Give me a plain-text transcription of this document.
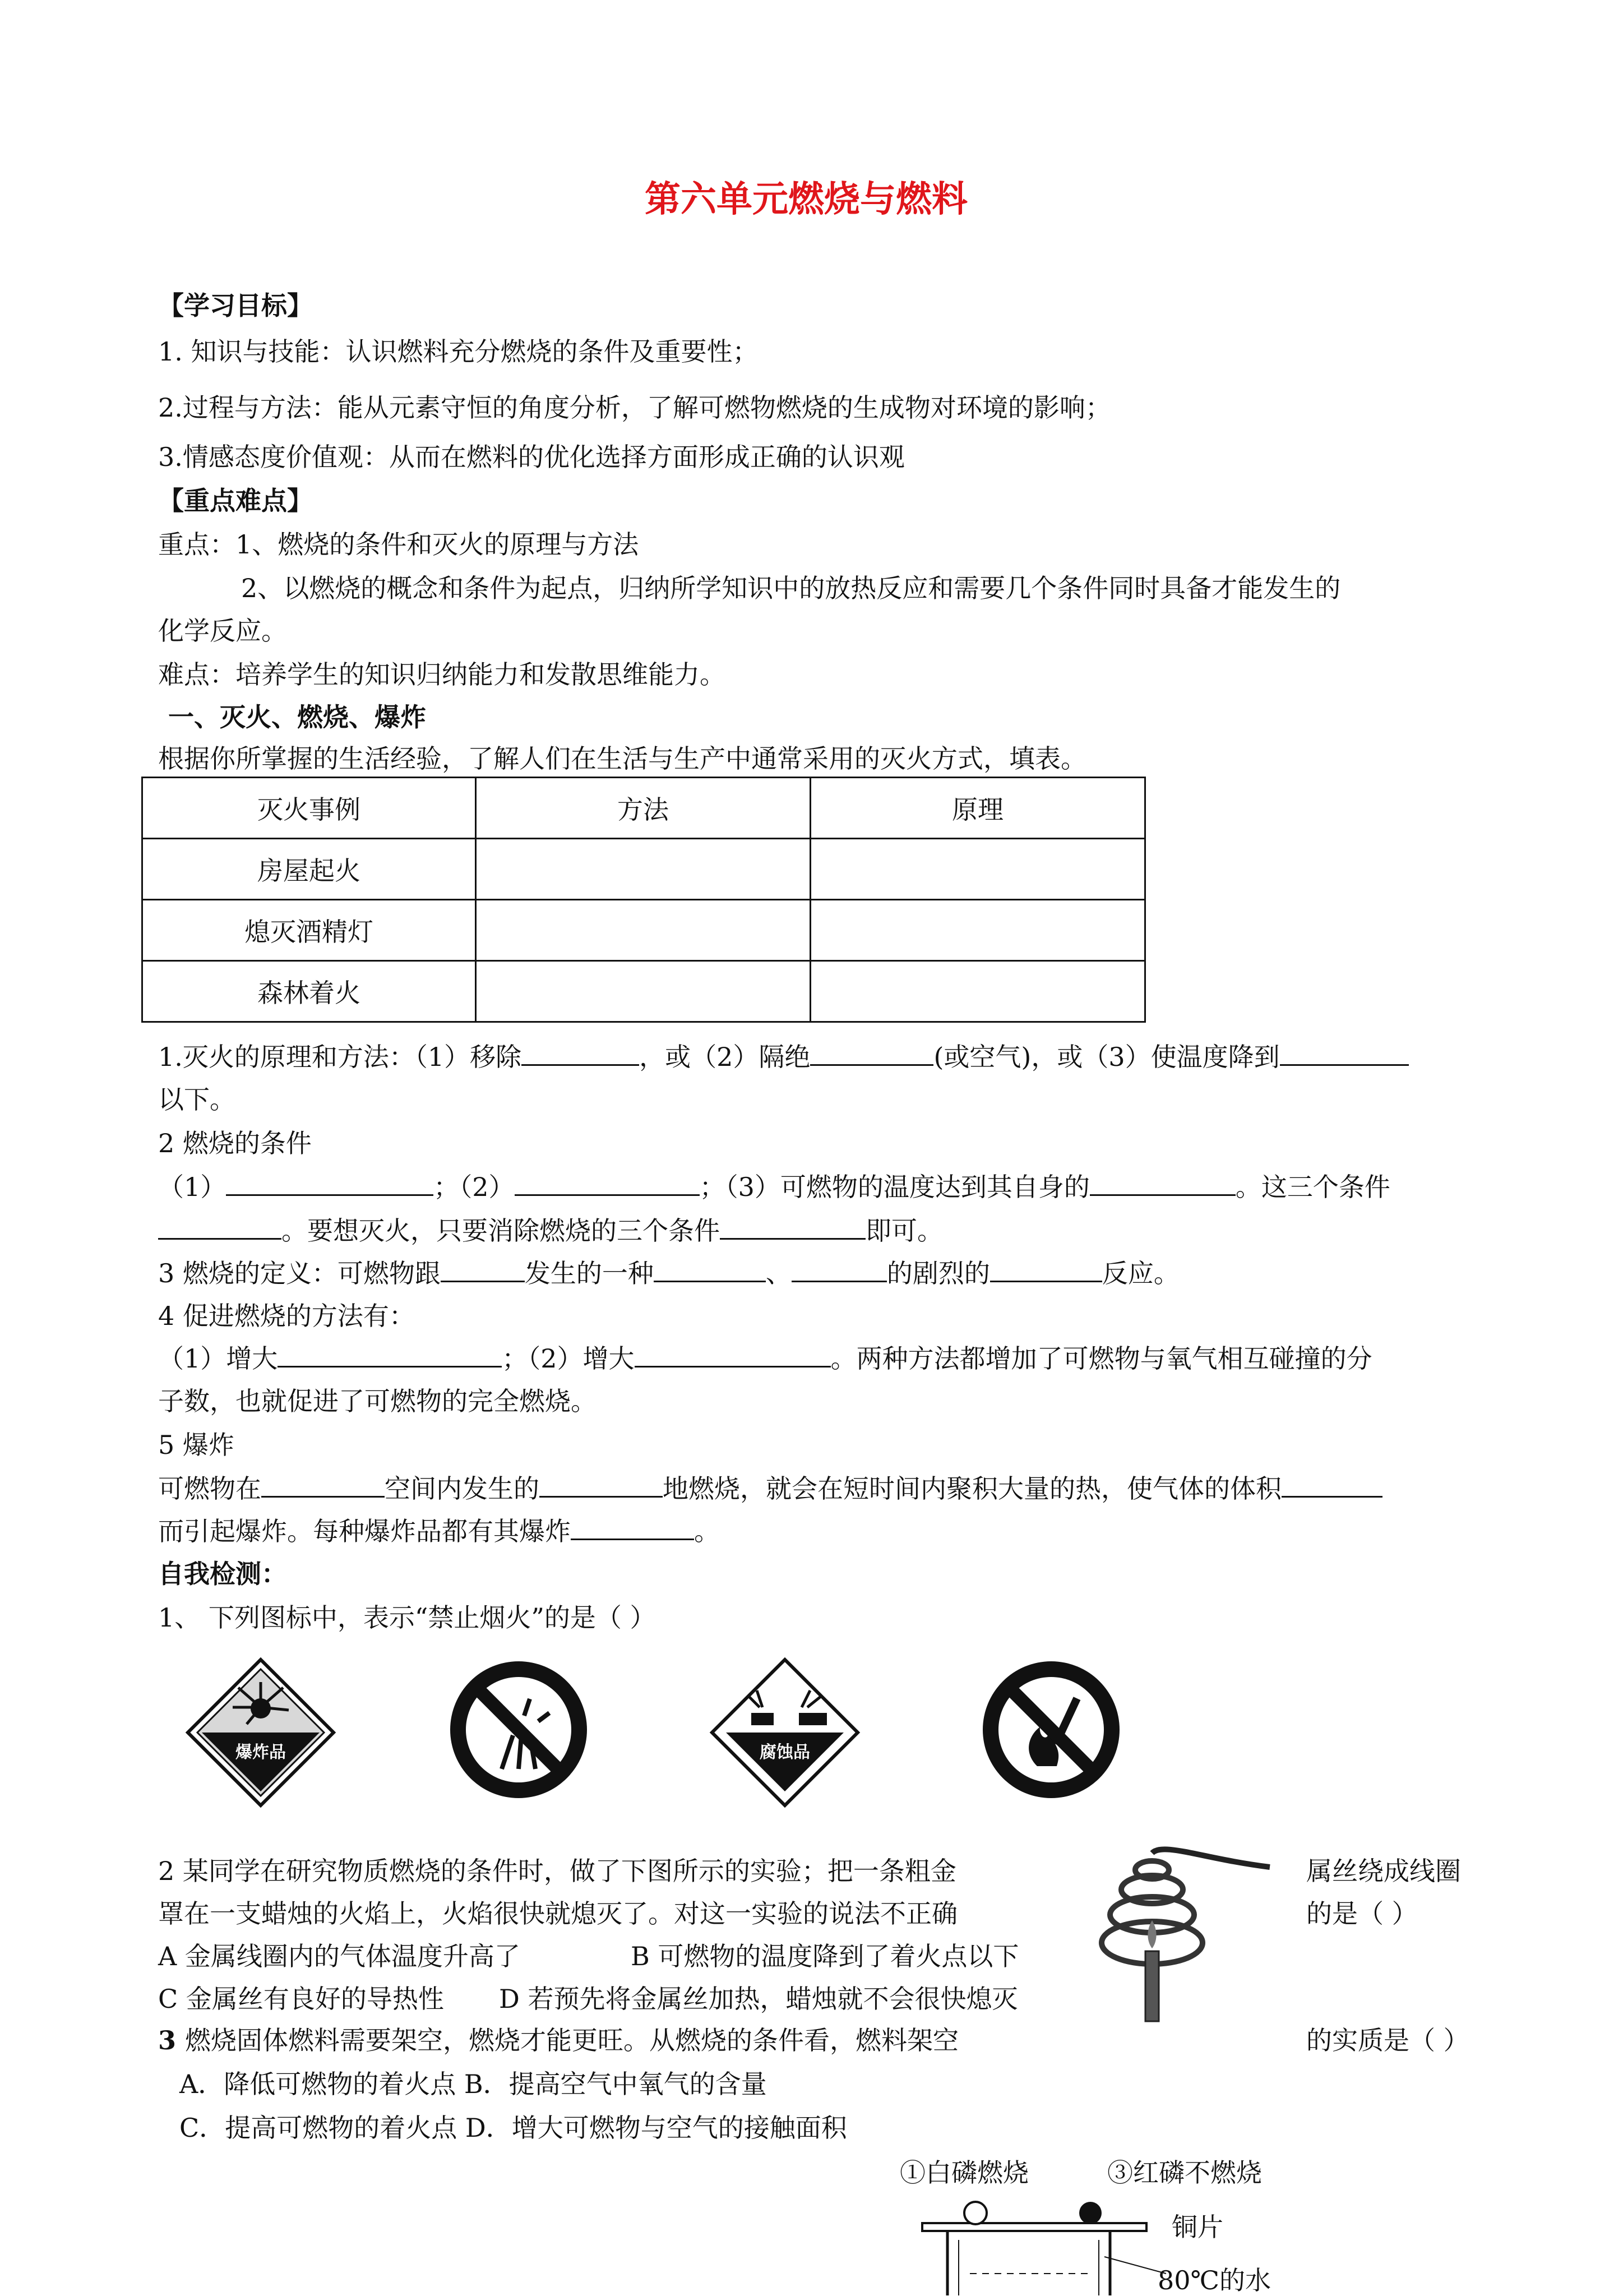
第六单元燃烧与燃料
【学习目标】
1. 知识与技能：认识燃料充分燃烧的条件及重要性；
2.过程与方法：能从元素守恒的角度分析，了解可燃物燃烧的生成物对环境的影响；
3.情感态度价值观：从而在燃料的优化选择方面形成正确的认识观
【重点难点】
重点：1、燃烧的条件和灭火的原理与方法
2、以燃烧的概念和条件为起点，归纳所学知识中的放热反应和需要几个条件同时具备才能发生的
化学反应。
难点：培养学生的知识归纳能力和发散思维能力。
一、灭火、燃烧、爆炸
根据你所掌握的生活经验，了解人们在生活与生产中通常采用的灭火方式，填表。
灭火事例	方法	原理
房屋起火		
熄灭酒精灯		
森林着火		
1.灭火的原理和方法：（1）移除	，或（2）隔绝	(或空气)，或（3）使温度降到
以下。
2 燃烧的条件
（1）	；（2）	；（3）可燃物的温度达到其自身的	。这三个条件
。要想灭火，只要消除燃烧的三个条件	即可。
3 燃烧的定义：可燃物跟	发生的一种	、	的剧烈的	反应。
4 促进燃烧的方法有：
（1）增大	；（2）增大	。两种方法都增加了可燃物与氧气相互碰撞的分
子数，也就促进了可燃物的完全燃烧。
5 爆炸
可燃物在	空间内发生的	地燃烧，就会在短时间内聚积大量的热，使气体的体积
而引起爆炸。每种爆炸品都有其爆炸	。
自我检测：
1、 下列图标中，表示“禁止烟火”的是（ ）
爆炸品	腐蚀品
2 某同学在研究物质燃烧的条件时，做了下图所示的实验；把一条粗金	属丝绕成线圈
罩在一支蜡烛的火焰上，火焰很快就熄灭了。对这一实验的说法不正确	的是（ ）
A 金属线圈内的气体温度升高了	B 可燃物的温度降到了着火点以下
C 金属丝有良好的导热性 D 若预先将金属丝加热，蜡烛就不会很快熄灭
3 燃烧固体燃料需要架空，燃烧才能更旺。从燃烧的条件看，燃料架空	的实质是（ ）
A．降低可燃物的着火点 B．提高空气中氧气的含量
C．提高可燃物的着火点 D．增大可燃物与空气的接触面积
①白磷燃烧	③红磷不燃烧
铜片
80℃的水
